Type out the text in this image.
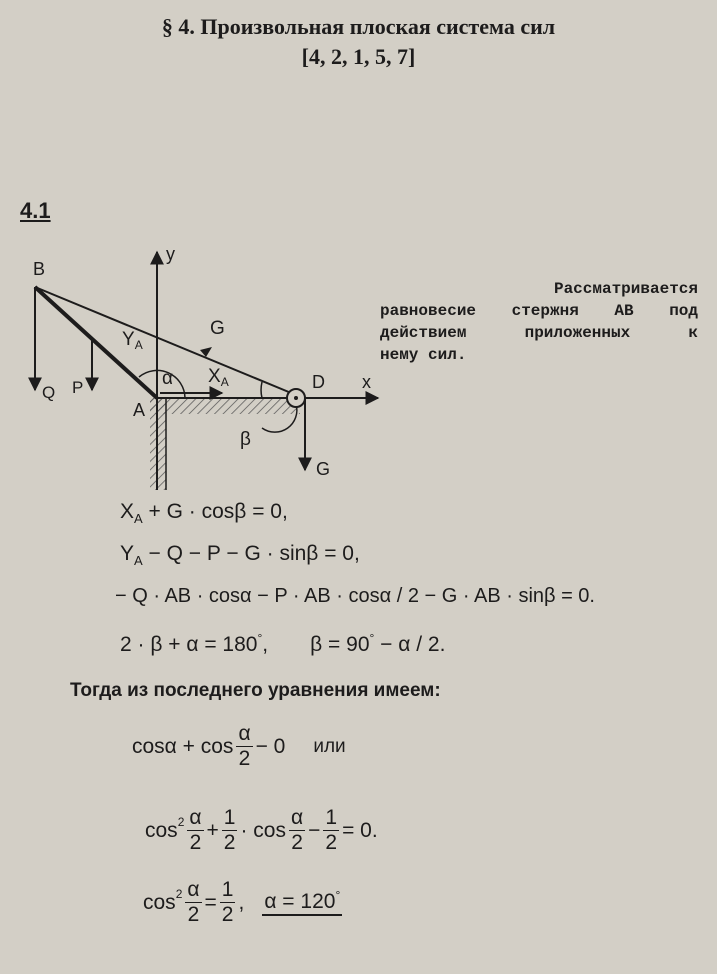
§ 4. Произвольная плоская система сил
[4, 2, 1, 5, 7]
4.1
B
y
G
$Y_A$
α $X_A$	D x
Q P
A
β
G
Рассматривается
равновесие стержня AB под
действием приложенных к
нему сил.
$X_A + G \cdot \cos\beta = 0$,
$Y_A - Q - P - G \cdot \sin\beta = 0$,
− Q · AB · cosα − P · AB · cosα / 2 − G · AB · sinβ = 0.
2 · β + α = 180°, β = 90° − α / 2.
Тогда из последнего уравнения имеем:
$\cos\alpha + \cos \frac{\alpha}{2} - 0$ или
$\cos 2 \frac{\alpha}{2} + \frac{1}{2} \cdot \cos \frac{\alpha}{2} - \frac{1}{2} = 0$.
$\cos 2 \frac{\alpha}{2} = \frac{1}{2}$ , α = 120°
